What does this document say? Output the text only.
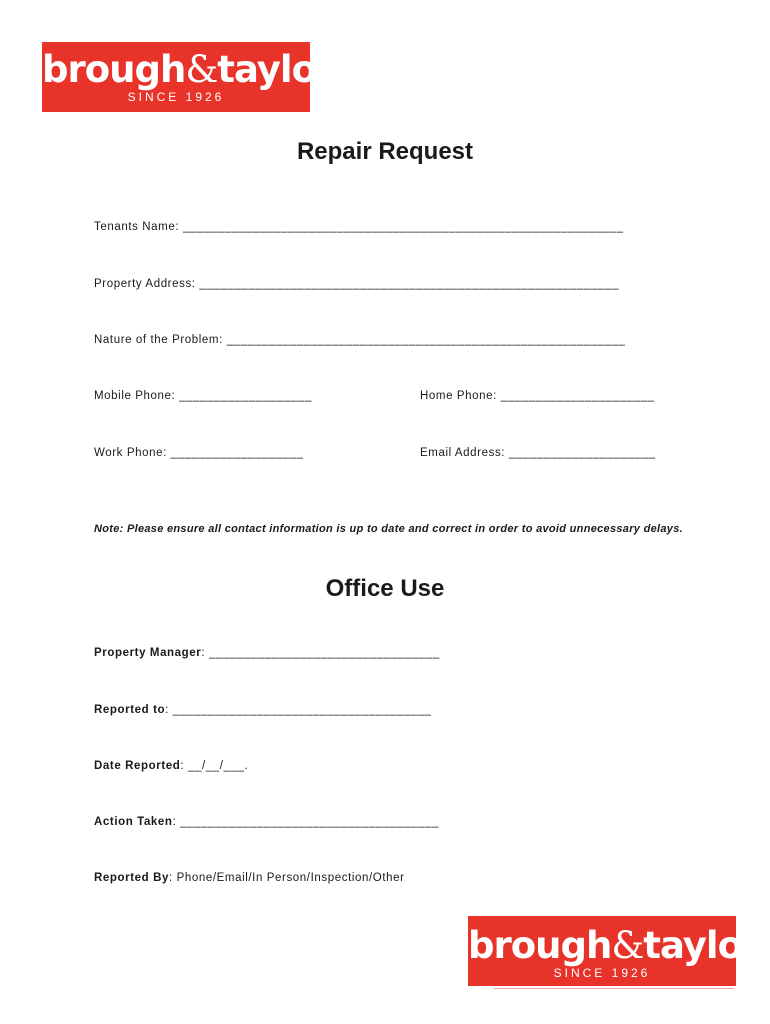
brough&taylor
SINCE 1926
Repair Request
Tenants Name: _______________________________________________________________
Property Address: ____________________________________________________________
Nature of the Problem: _________________________________________________________
Mobile Phone: ___________________	Home Phone: ______________________
Work Phone: ___________________	Email Address: _____________________
Note: Please ensure all contact information is up to date and correct in order to avoid unnecessary delays.
Office Use
Property Manager: _________________________________
Reported to: _____________________________________
Date Reported: __/__/___.
Action Taken: _____________________________________
Reported By: Phone/Email/In Person/Inspection/Other
brough&taylor
SINCE 1926
